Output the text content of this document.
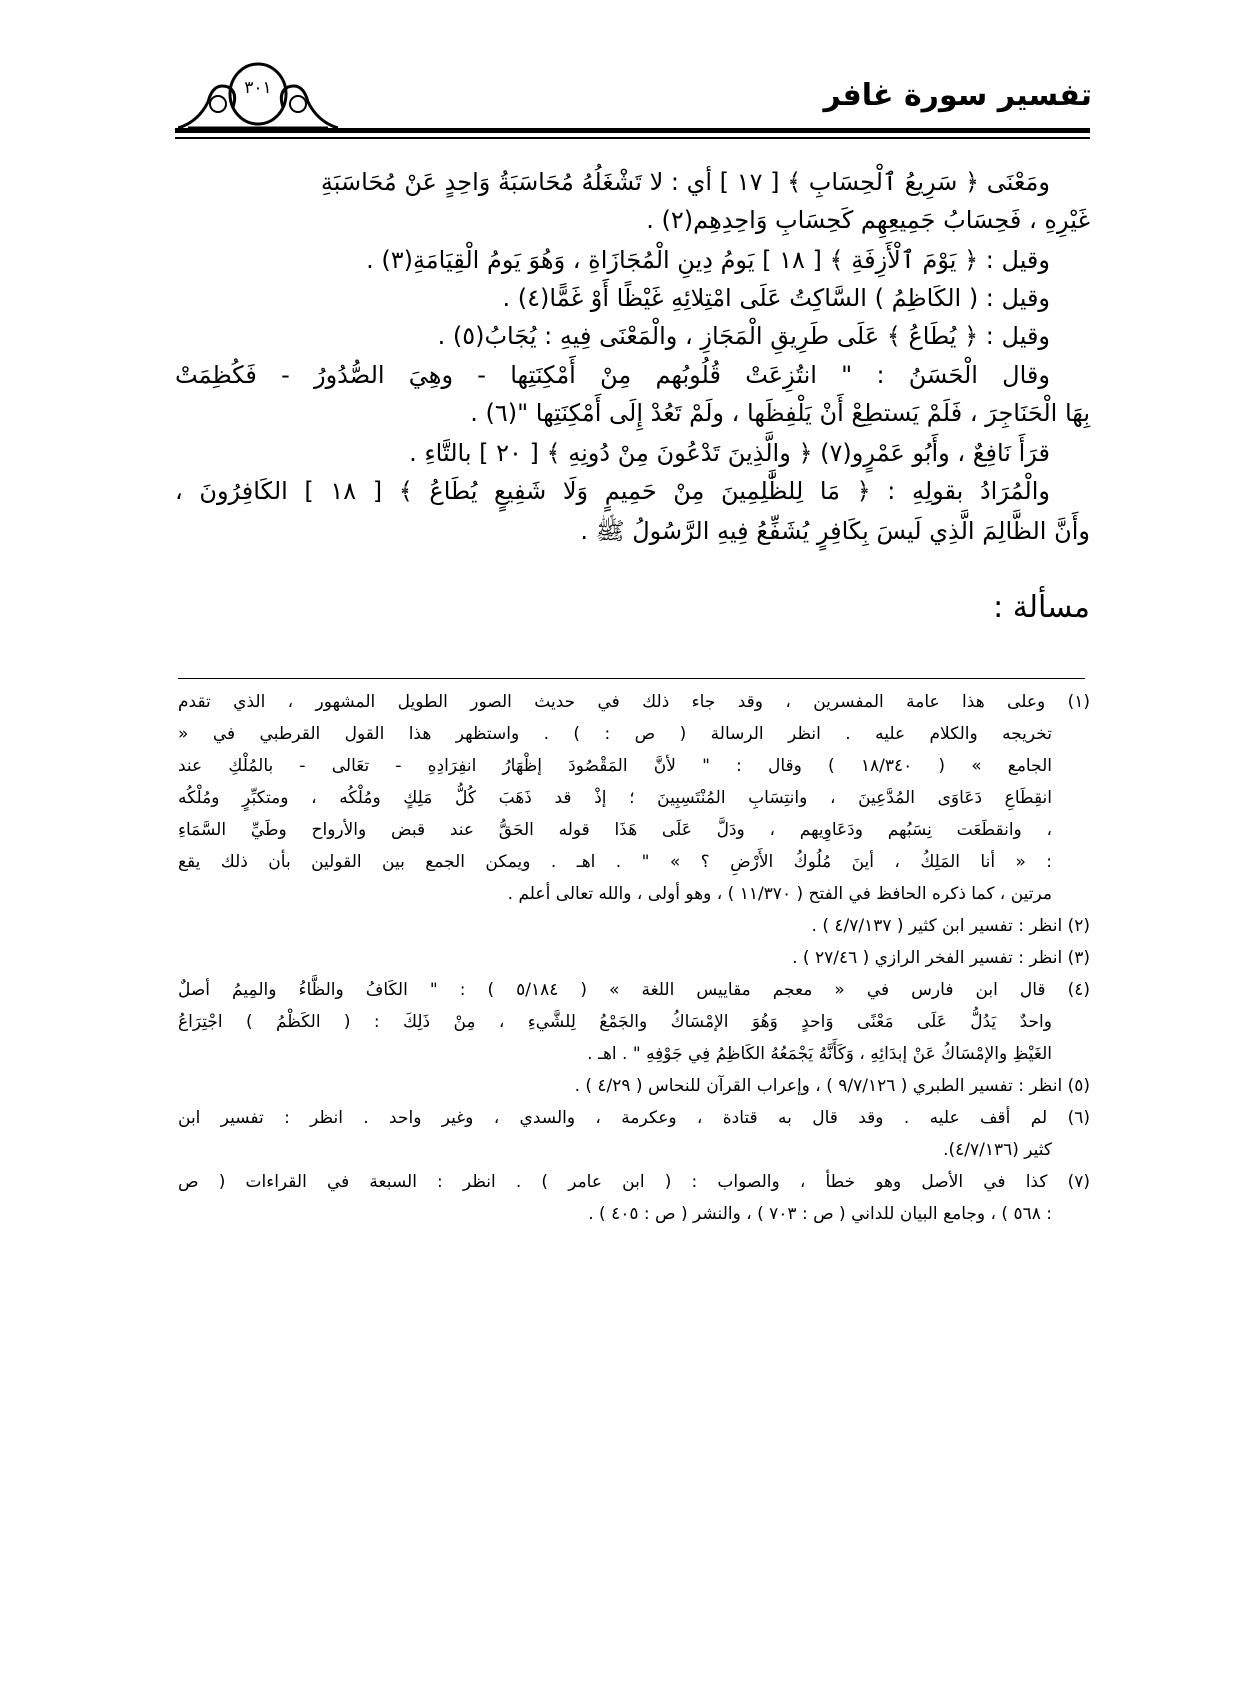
تفسير سورة غافر
٣٠١
ومَعْنَى ﴿ سَرِيعُ ٱلْحِسَابِ ﴾ [ ١٧ ] أي : لا تَشْغَلُهُ مُحَاسَبَةُ وَاحِدٍ عَنْ مُحَاسَبَةِ
غَيْرِهِ ، فَحِسَابُ جَمِيعِهِم كَحِسَابِ وَاحِدِهِم(٢) .
وقيل : ﴿ يَوْمَ ٱلْأَزِفَةِ ﴾ [ ١٨ ] يَومُ دِينِ الْمُجَازَاةِ ، وَهُوَ يَومُ الْقِيَامَةِ(٣) .
وقيل : ( الكَاظِمُ ) السَّاكِتُ عَلَى امْتِلائِهِ غَيْظًا أَوْ غَمًّا(٤) .
وقيل : ﴿ يُطَاعُ ﴾ عَلَى طَرِيقِ الْمَجَازِ ، والْمَعْنَى فِيهِ : يُجَابُ(٥) .
وقال الْحَسَنُ : " انتُزِعَتْ قُلُوبُهم مِنْ أَمْكِنَتِها - وهِيَ الصُّدُورُ - فَكُظِمَتْ
بِهَا الْحَنَاجِرَ ، فَلَمْ يَستطِعْ أَنْ يَلْفِظَها ، ولَمْ تَعُدْ إِلَى أَمْكِنَتِها "(٦) .
قرَأَ نَافِعٌ ، وأَبُو عَمْرٍو(٧) ﴿ والَّذِينَ تَدْعُونَ مِنْ دُونِهِ ﴾ [ ٢٠ ] بالتَّاءِ .
والْمُرَادُ بقولِهِ : ﴿ مَا لِلظَّٰلِمِينَ مِنْ حَمِيمٍ وَلَا شَفِيعٍ يُطَاعُ ﴾ [ ١٨ ] الكَافِرُونَ ،
وأَنَّ الظَّالِمَ الَّذِي لَيسَ بِكَافِرٍ يُشَفِّعُ فِيهِ الرَّسُولُ ﷺ .
مسألة :
(١) وعلى هذا عامة المفسرين ، وقد جاء ذلك في حديث الصور الطويل المشهور ، الذي تقدم
تخريجه والكلام عليه . انظر الرسالة ( ص : ) . واستظهر هذا القول القرطبي في «
الجامع » ( ١٨/٣٤٠ ) وقال : " لأنَّ المَقْصُودَ إظْهَارُ انفِرَادِهِ - تعَالى - بالمُلْكِ عند
انقِطَاعِ دَعَاوَى المُدَّعِينَ ، وانتِسَابِ المُنْتَسِبِينَ ؛ إذْ قد ذَهَبَ كُلُّ مَلِكٍ ومُلْكُه ، ومتكبِّرٍ ومُلْكُه
، وانقطَعَت نِسَبُهم ودَعَاوِيهم ، ودَلَّ عَلَى هَذَا قوله الحَقُّ عند قبض والأرواح وطَيِّ السَّمَاءِ
: « أنا المَلِكُ ، أينَ مُلُوكُ الأَرْضِ ؟ » " . اهـ . ويمكن الجمع بين القولين بأن ذلك يقع
مرتين ، كما ذكره الحافظ في الفتح ( ١١/٣٧٠ ) ، وهو أولى ، والله تعالى أعلم .
(٢) انظر : تفسير ابن كثير ( ٤/٧/١٣٧ ) .
(٣) انظر : تفسير الفخر الرازي ( ٢٧/٤٦ ) .
(٤) قال ابن فارس في « معجم مقاييس اللغة » ( ٥/١٨٤ ) : " الكَافُ والظَّاءُ والمِيمُ أصلٌ
واحدٌ يَدُلُّ عَلَى مَعْنًى وَاحدٍ وَهُوَ الإمْسَاكُ والجَمْعُ لِلشَّيءِ ، مِنْ ذَلِكَ : ( الكَظْمُ ) اجْتِرَاعُ
الغَيْظِ والإمْسَاكُ عَنْ إبدَائِهِ ، وَكَأَنَّهُ يَجْمَعُهُ الكَاظِمُ فِي جَوْفِهِ " . اهـ .
(٥) انظر : تفسير الطبري ( ٩/٧/١٢٦ ) ، وإعراب القرآن للنحاس ( ٤/٢٩ ) .
(٦) لم أقف عليه . وقد قال به قتادة ، وعكرمة ، والسدي ، وغير واحد . انظر : تفسير ابن
كثير (٤/٧/١٣٦).
(٧) كذا في الأصل وهو خطأ ، والصواب : ( ابن عامر ) . انظر : السبعة في القراءات ( ص
: ٥٦٨ ) ، وجامع البيان للداني ( ص : ٧٠٣ ) ، والنشر ( ص : ٤٠٥ ) .
